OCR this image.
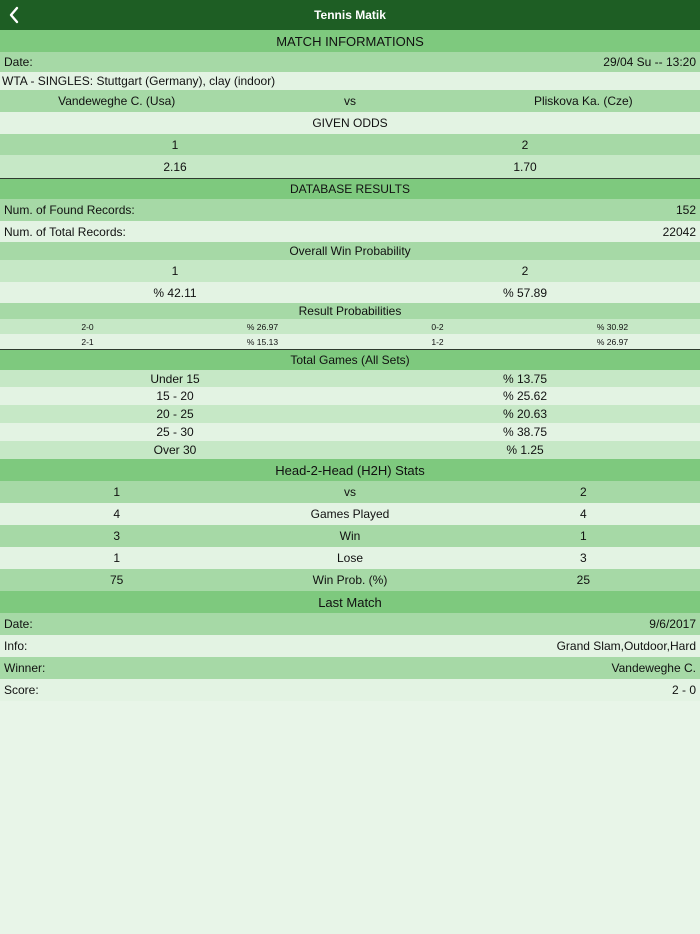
Tennis Matik
MATCH INFORMATIONS
Date:	29/04 Su -- 13:20
WTA - SINGLES: Stuttgart (Germany), clay (indoor)
Vandeweghe C. (Usa)	vs	Pliskova Ka. (Cze)
GIVEN ODDS
1	2
2.16	1.70
DATABASE RESULTS
Num. of Found Records:	152
Num. of Total Records:	22042
Overall Win Probability
1	2
% 42.11	% 57.89
Result Probabilities
2-0	% 26.97	0-2	% 30.92
2-1	% 15.13	1-2	% 26.97
Total Games (All Sets)
Under 15	% 13.75
15 - 20	% 25.62
20 - 25	% 20.63
25 - 30	% 38.75
Over 30	% 1.25
Head-2-Head (H2H) Stats
1	vs	2
4	Games Played	4
3	Win	1
1	Lose	3
75	Win Prob. (%)	25
Last Match
Date:	9/6/2017
Info:	Grand Slam,Outdoor,Hard
Winner:	Vandeweghe C.
Score:	2 - 0
